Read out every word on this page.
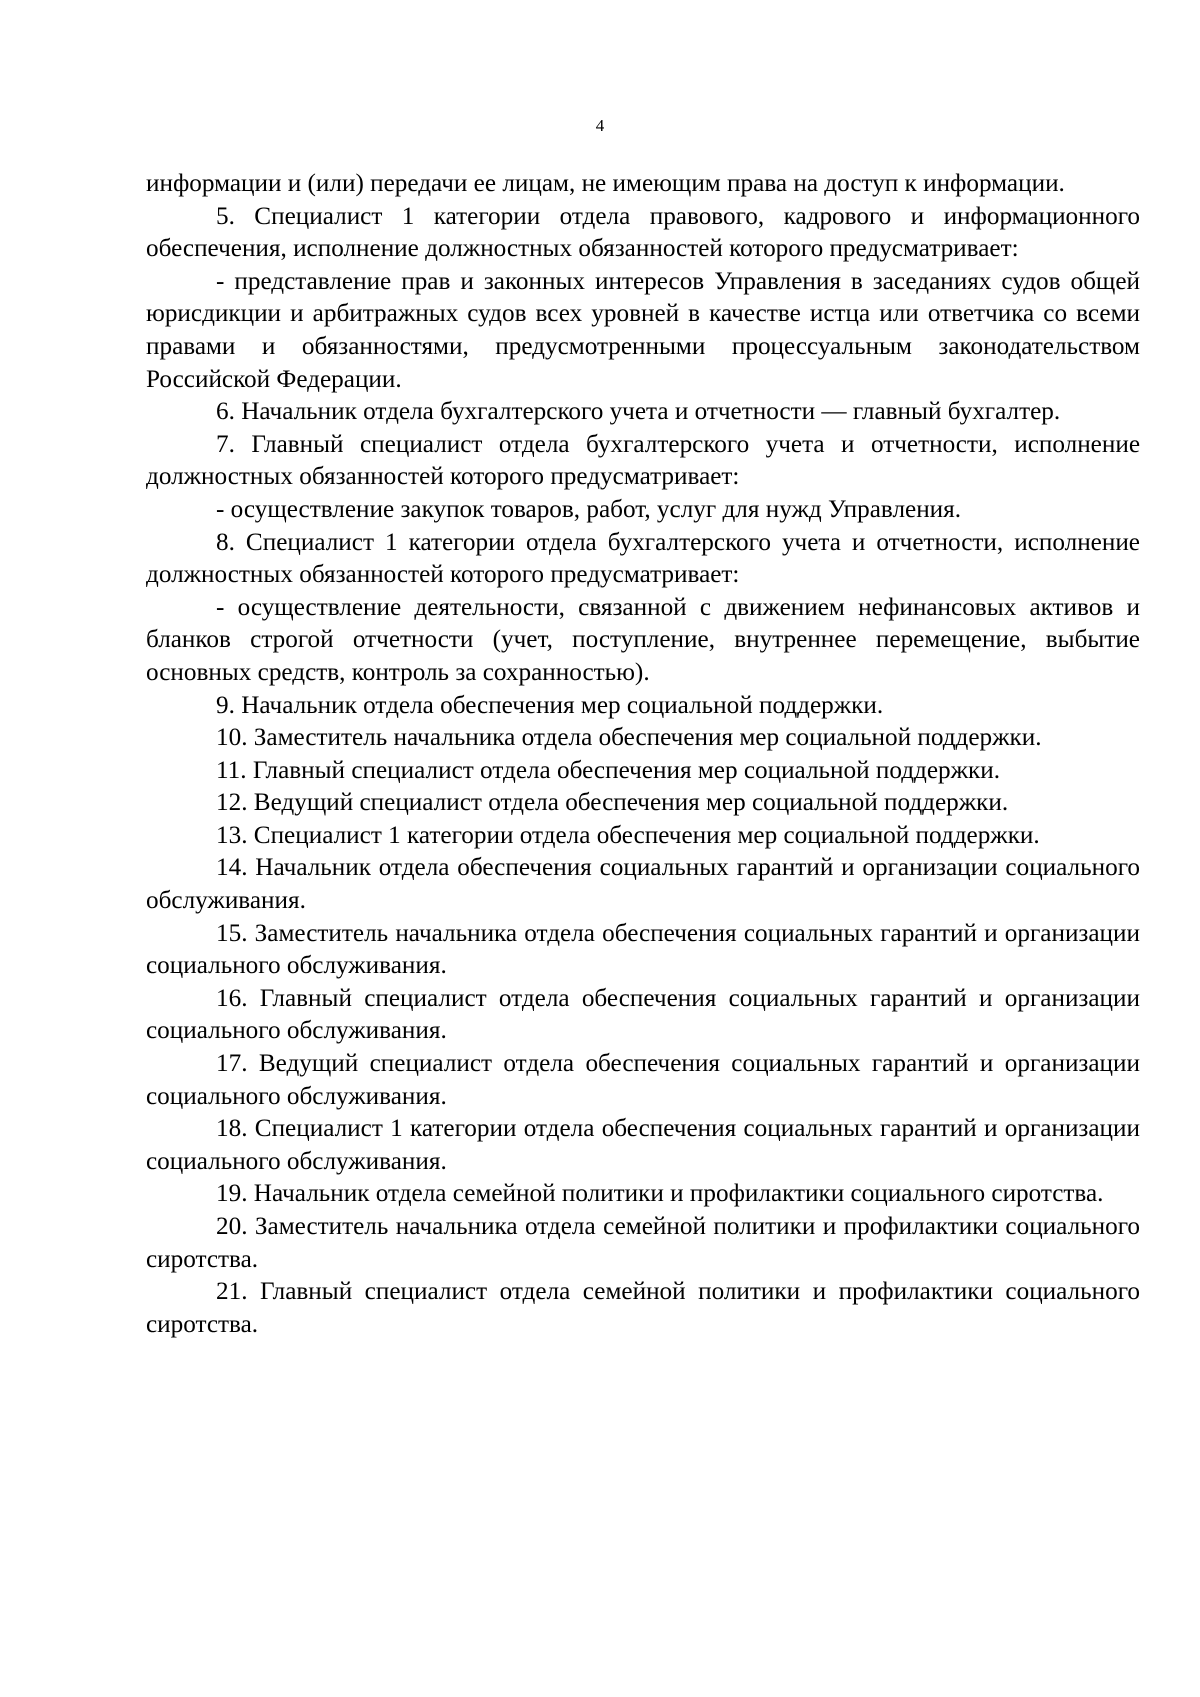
4

информации и (или) передачи ее лицам, не имеющим права на доступ к информации.

5. Специалист 1 категории отдела правового, кадрового и информационного обеспечения, исполнение должностных обязанностей которого предусматривает:

- представление прав и законных интересов Управления в заседаниях судов общей юрисдикции и арбитражных судов всех уровней в качестве истца или ответчика со всеми правами и обязанностями, предусмотренными процессуальным законодательством Российской Федерации.

6. Начальник отдела бухгалтерского учета и отчетности — главный бухгалтер.

7. Главный специалист отдела бухгалтерского учета и отчетности, исполнение должностных обязанностей которого предусматривает:

- осуществление закупок товаров, работ, услуг для нужд Управления.

8. Специалист 1 категории отдела бухгалтерского учета и отчетности, исполнение должностных обязанностей которого предусматривает:

- осуществление деятельности, связанной с движением нефинансовых активов и бланков строгой отчетности (учет, поступление, внутреннее перемещение, выбытие основных средств, контроль за сохранностью).

9. Начальник отдела обеспечения мер социальной поддержки.

10. Заместитель начальника отдела обеспечения мер социальной поддержки.

11. Главный специалист отдела обеспечения мер социальной поддержки.

12. Ведущий специалист отдела обеспечения мер социальной поддержки.

13. Специалист 1 категории отдела обеспечения мер социальной поддержки.

14. Начальник отдела обеспечения социальных гарантий и организации социального обслуживания.

15. Заместитель начальника отдела обеспечения социальных гарантий и организации социального обслуживания.

16. Главный специалист отдела обеспечения социальных гарантий и организации социального обслуживания.

17. Ведущий специалист отдела обеспечения социальных гарантий и организации социального обслуживания.

18. Специалист 1 категории отдела обеспечения социальных гарантий и организации социального обслуживания.

19. Начальник отдела семейной политики и профилактики социального сиротства.

20. Заместитель начальника отдела семейной политики и профилактики социального сиротства.

21. Главный специалист отдела семейной политики и профилактики социального сиротства.
